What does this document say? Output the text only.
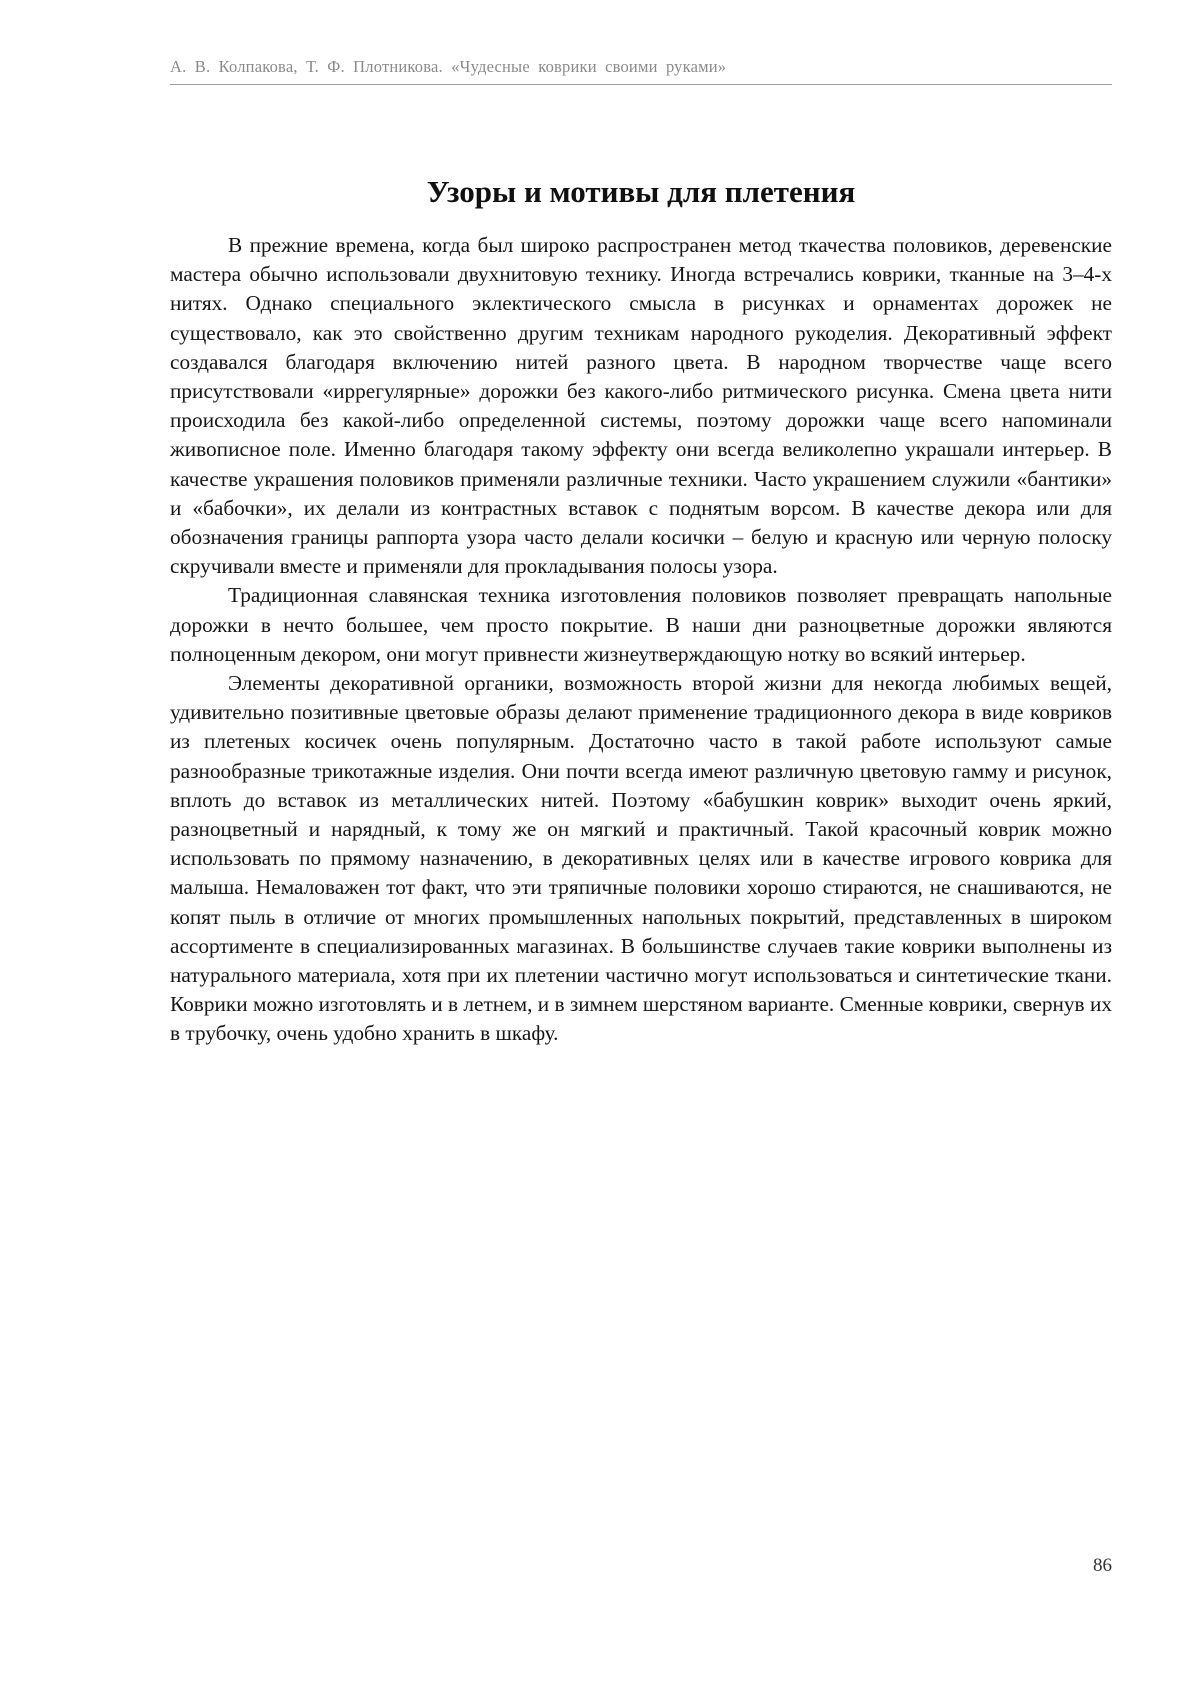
А. В. Колпакова, Т. Ф. Плотникова. «Чудесные коврики своими руками»
Узоры и мотивы для плетения

В прежние времена, когда был широко распространен метод ткачества половиков, деревенские мастера обычно использовали двухнитовую технику. Иногда встречались коврики, тканные на 3–4-х нитях. Однако специального эклектического смысла в рисунках и орнаментах дорожек не существовало, как это свойственно другим техникам народного рукоделия. Декоративный эффект создавался благодаря включению нитей разного цвета. В народном творчестве чаще всего присутствовали «иррегулярные» дорожки без какого-либо ритмического рисунка. Смена цвета нити происходила без какой-либо определенной системы, поэтому дорожки чаще всего напоминали живописное поле. Именно благодаря такому эффекту они всегда великолепно украшали интерьер. В качестве украшения половиков применяли различные техники. Часто украшением служили «бантики» и «бабочки», их делали из контрастных вставок с поднятым ворсом. В качестве декора или для обозначения границы раппорта узора часто делали косички – белую и красную или черную полоску скручивали вместе и применяли для прокладывания полосы узора.

Традиционная славянская техника изготовления половиков позволяет превращать напольные дорожки в нечто большее, чем просто покрытие. В наши дни разноцветные дорожки являются полноценным декором, они могут привнести жизнеутверждающую нотку во всякий интерьер.

Элементы декоративной органики, возможность второй жизни для некогда любимых вещей, удивительно позитивные цветовые образы делают применение традиционного декора в виде ковриков из плетеных косичек очень популярным. Достаточно часто в такой работе используют самые разнообразные трикотажные изделия. Они почти всегда имеют различную цветовую гамму и рисунок, вплоть до вставок из металлических нитей. Поэтому «бабушкин коврик» выходит очень яркий, разноцветный и нарядный, к тому же он мягкий и практичный. Такой красочный коврик можно использовать по прямому назначению, в декоративных целях или в качестве игрового коврика для малыша. Немаловажен тот факт, что эти тряпичные половики хорошо стираются, не снашиваются, не копят пыль в отличие от многих промышленных напольных покрытий, представленных в широком ассортименте в специализированных магазинах. В большинстве случаев такие коврики выполнены из натурального материала, хотя при их плетении частично могут использоваться и синтетические ткани. Коврики можно изготовлять и в летнем, и в зимнем шерстяном варианте. Сменные коврики, свернув их в трубочку, очень удобно хранить в шкафу.

86
